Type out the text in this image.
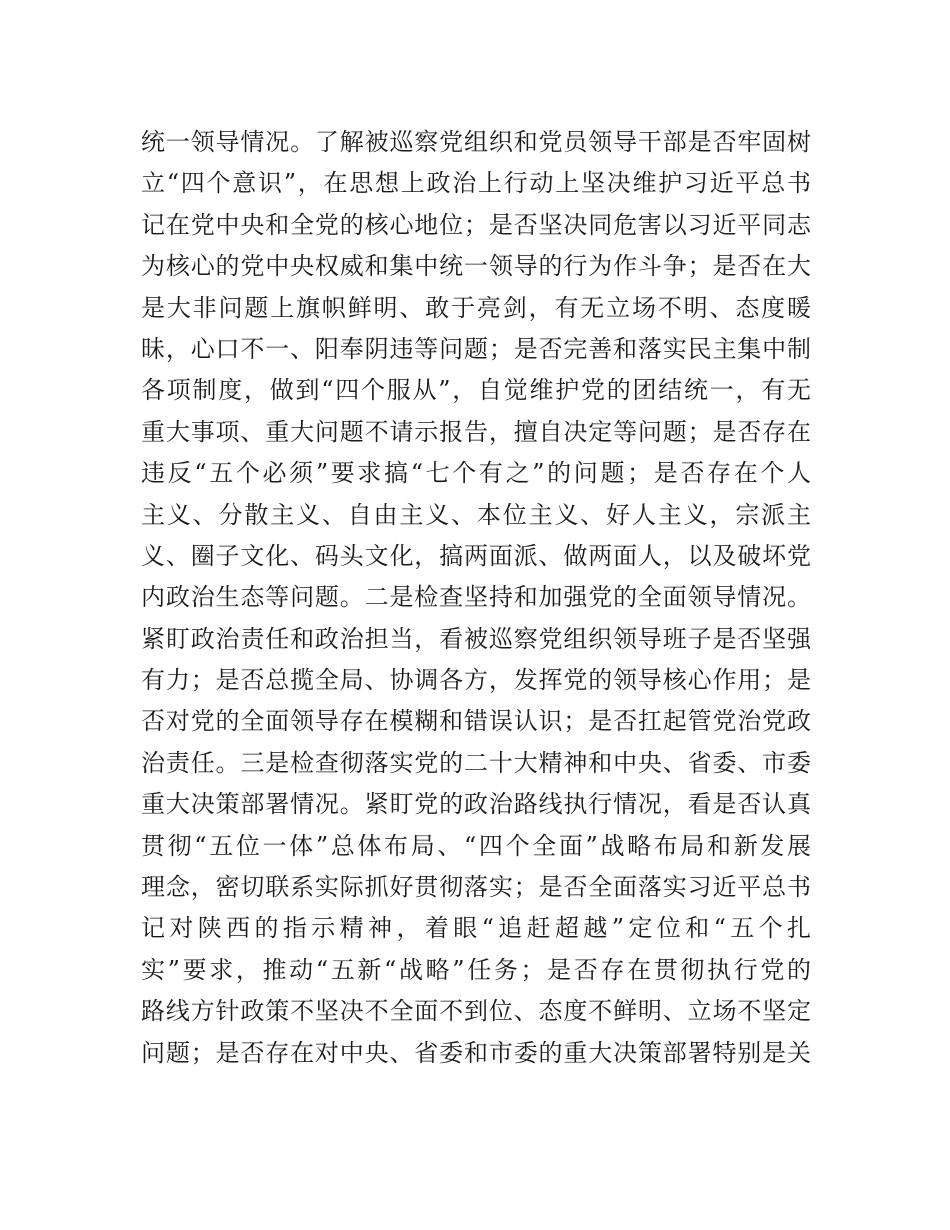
统一领导情况。了解被巡察党组织和党员领导干部是否牢固树
立“四个意识”，在思想上政治上行动上坚决维护习近平总书
记在党中央和全党的核心地位；是否坚决同危害以习近平同志
为核心的党中央权威和集中统一领导的行为作斗争；是否在大
是大非问题上旗帜鲜明、敢于亮剑，有无立场不明、态度暖
昧，心口不一、阳奉阴违等问题；是否完善和落实民主集中制
各项制度，做到“四个服从”，自觉维护党的团结统一，有无
重大事项、重大问题不请示报告，擅自决定等问题；是否存在
违反“五个必须”要求搞“七个有之”的问题；是否存在个人
主义、分散主义、自由主义、本位主义、好人主义，宗派主
义、圈子文化、码头文化，搞两面派、做两面人，以及破坏党
内政治生态等问题。二是检查坚持和加强党的全面领导情况。
紧盯政治责任和政治担当，看被巡察党组织领导班子是否坚强
有力；是否总揽全局、协调各方，发挥党的领导核心作用；是
否对党的全面领导存在模糊和错误认识；是否扛起管党治党政
治责任。三是检查彻落实党的二十大精神和中央、省委、市委
重大决策部署情况。紧盯党的政治路线执行情况，看是否认真
贯彻“五位一体”总体布局、“四个全面”战略布局和新发展
理念，密切联系实际抓好贯彻落实；是否全面落实习近平总书
记对陕西的指示精神，着眼“追赶超越”定位和“五个扎
实”要求，推动“五新“战略”任务；是否存在贯彻执行党的
路线方针政策不坚决不全面不到位、态度不鲜明、立场不坚定
问题；是否存在对中央、省委和市委的重大决策部署特别是关
